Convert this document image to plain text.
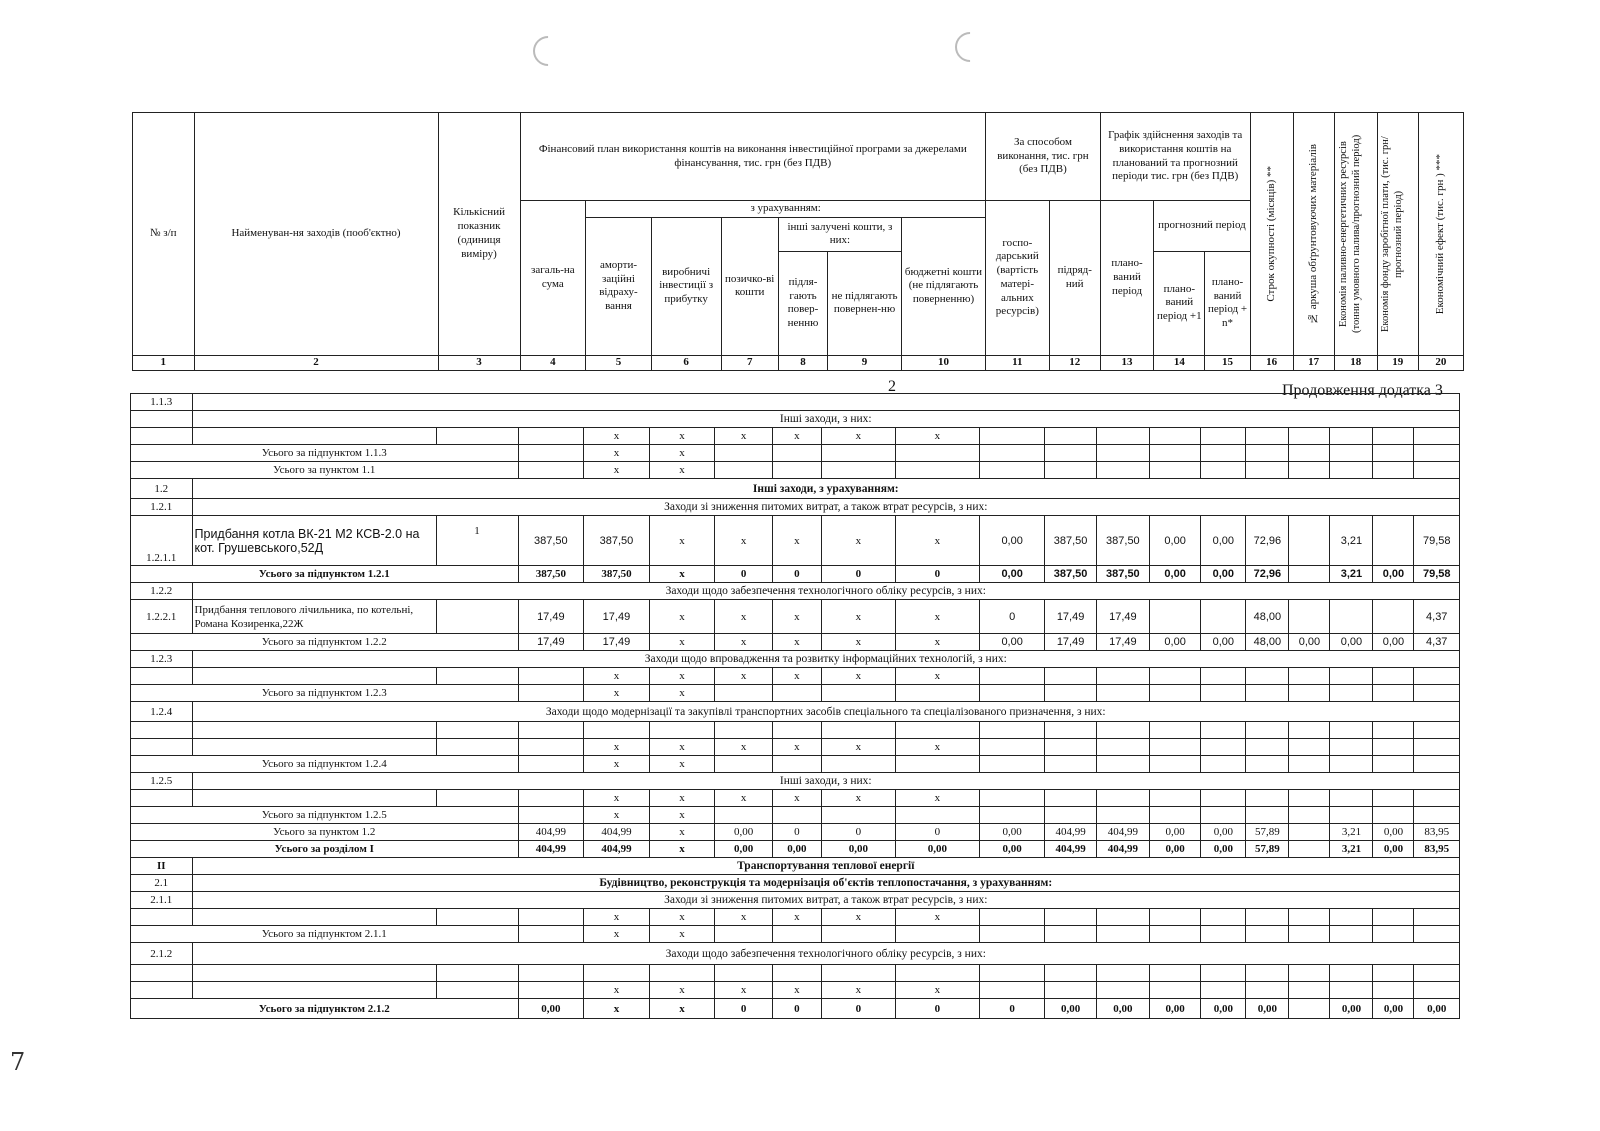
№ з/п	Найменуван-ня заходів (пооб'єктно)	Кількісний показник (одиниця виміру)	Фінансовий план використання коштів на виконання інвестиційної програми за джерелами фінансування, тис. грн (без ПДВ)							За способом виконання, тис. грн (без ПДВ)		Графік здійснення заходів та використання коштів на планований та прогнозний періоди тис. грн (без ПДВ)			Строк окупності (місяців) **	№ аркуша обґрунтовуючих матеріалів	Економія паливно-енергетичних ресурсів (тонни умовного палива/прогнозний період)	Економія фонду заробітної плати, (тис. грн/прогнозний період)	Економічний ефект (тис. грн ) ***

			загаль-на сума	з урахуванням:						госпо-дарський (вартість матері-альних ресурсів)	підряд-ний	плано-ваний період	прогнозний період						
				аморти-заційні відраху-вання	виробничі інвестиції з прибутку	позичко-ві кошти	інші залучені кошти, з них:		бюджетні кошти (не підлягають поверненню)										
							підля-гають повер-ненню	не підлягають повернен-ню					плано-ваний період +1	плано-ваний період + n*					

1	2	3	4	5	6	7	8	9	10	11	12	13	14	15	16	17	18	19	20
2	Продовження додатка 3
1.1.3																			
	Інші заходи, з них:																		
				x	x	x	x	x	x										
Усього за підпунктом 1.1.3				x	x														
Усього за пунктом 1.1				x	x														
1.2	Інші заходи, з урахуванням:																		
1.2.1	Заходи зі зниження питомих витрат, а також втрат ресурсів, з них:																		
1.2.1.1	Придбання котла ВК-21 М2 КСВ-2.0 на кот. Грушевського,52Д	1	387,50	387,50	x	x	x	x	x	0,00	387,50	387,50	0,00	0,00	72,96		3,21		79,58
Усього за підпунктом 1.2.1			387,50	387,50	x	0	0	0	0	0,00	387,50	387,50	0,00	0,00	72,96		3,21	0,00	79,58
1.2.2	Заходи щодо забезпечення технологічного обліку ресурсів, з них:																		
1.2.2.1	Придбання теплового лічильника, по котельні, Романа Козиренка,22Ж		17,49	17,49	x	x	x	x	x	0	17,49	17,49			48,00				4,37
Усього за підпунктом 1.2.2			17,49	17,49	x	x	x	x	x	0,00	17,49	17,49	0,00	0,00	48,00	0,00	0,00	0,00	4,37
1.2.3	Заходи щодо впровадження та розвитку інформаційних технологій, з них:																		
				x	x	x	x	x	x										
Усього за підпунктом 1.2.3				x	x														
1.2.4	Заходи щодо модернізації та закупівлі транспортних засобів спеціального та спеціалізованого призначення, з них:																		

				x	x	x	x	x	x										
Усього за підпунктом 1.2.4				x	x														
1.2.5	Інші заходи, з них:																		
				x	x	x	x	x	x										
Усього за підпунктом 1.2.5				x	x														
Усього за пунктом 1.2			404,99	404,99	x	0,00	0	0	0	0,00	404,99	404,99	0,00	0,00	57,89		3,21	0,00	83,95
Усього за розділом I			404,99	404,99	x	0,00	0,00	0,00	0,00	0,00	404,99	404,99	0,00	0,00	57,89		3,21	0,00	83,95
II	Транспортування теплової енергії																		
2.1	Будівництво, реконструкція та модернізація об'єктів теплопостачання, з урахуванням:																		
2.1.1	Заходи зі зниження питомих витрат, а також втрат ресурсів, з них:																		
				x	x	x	x	x	x										
Усього за підпунктом 2.1.1				x	x														
2.1.2	Заходи щодо забезпечення технологічного обліку ресурсів, з них:																		

				x	x	x	x	x	x										
Усього за підпунктом 2.1.2			0,00	x	x	0	0	0	0	0	0,00	0,00	0,00	0,00	0,00		0,00	0,00	0,00
7
